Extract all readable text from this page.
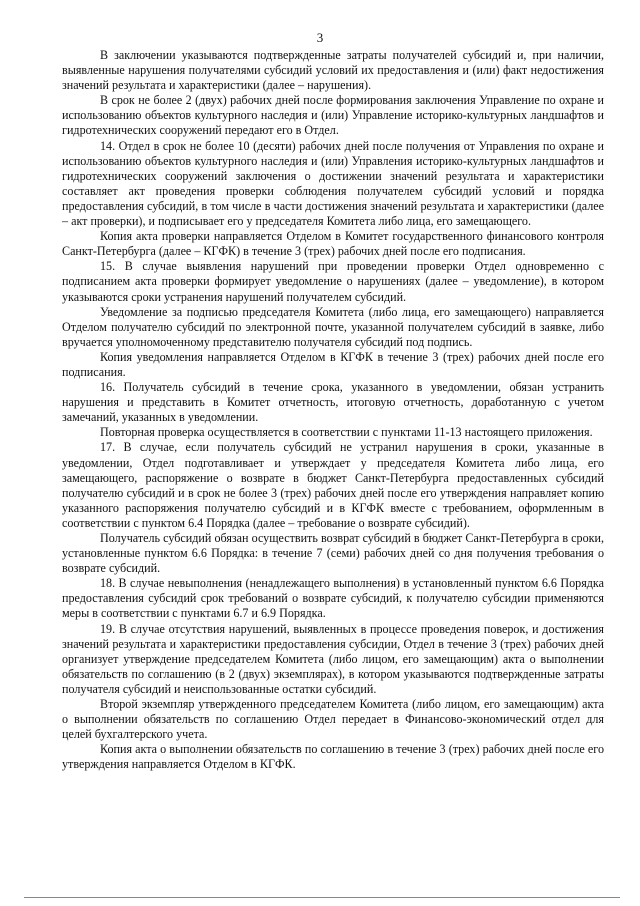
3

В заключении указываются подтвержденные затраты получателей субсидий и, при наличии, выявленные нарушения получателями субсидий условий их предоставления и (или) факт недостижения значений результата и характеристики (далее – нарушения).

В срок не более 2 (двух) рабочих дней после формирования заключения Управление по охране и использованию объектов культурного наследия и (или) Управление историко-культурных ландшафтов и гидротехнических сооружений передают его в Отдел.

14. Отдел в срок не более 10 (десяти) рабочих дней после получения от Управления по охране и использованию объектов культурного наследия и (или) Управления историко-культурных ландшафтов и гидротехнических сооружений заключения о достижении значений результата и характеристики составляет акт проведения проверки соблюдения получателем субсидий условий и порядка предоставления субсидий, в том числе в части достижения значений результата и характеристики (далее – акт проверки), и подписывает его у председателя Комитета либо лица, его замещающего.

Копия акта проверки направляется Отделом в Комитет государственного финансового контроля Санкт-Петербурга (далее – КГФК) в течение 3 (трех) рабочих дней после его подписания.

15. В случае выявления нарушений при проведении проверки Отдел одновременно с подписанием акта проверки формирует уведомление о нарушениях (далее – уведомление), в котором указываются сроки устранения нарушений получателем субсидий.

Уведомление за подписью председателя Комитета (либо лица, его замещающего) направляется Отделом получателю субсидий по электронной почте, указанной получателем субсидий в заявке, либо вручается уполномоченному представителю получателя субсидий под подпись.

Копия уведомления направляется Отделом в КГФК в течение 3 (трех) рабочих дней после его подписания.

16. Получатель субсидий в течение срока, указанного в уведомлении, обязан устранить нарушения и представить в Комитет отчетность, итоговую отчетность, доработанную с учетом замечаний, указанных в уведомлении.

Повторная проверка осуществляется в соответствии с пунктами 11-13 настоящего приложения.

17. В случае, если получатель субсидий не устранил нарушения в сроки, указанные в уведомлении, Отдел подготавливает и утверждает у председателя Комитета либо лица, его замещающего, распоряжение о возврате в бюджет Санкт-Петербурга предоставленных субсидий получателю субсидий и в срок не более 3 (трех) рабочих дней после его утверждения направляет копию указанного распоряжения получателю субсидий и в КГФК вместе с требованием, оформленным в соответствии с пунктом 6.4 Порядка (далее – требование о возврате субсидий).

Получатель субсидий обязан осуществить возврат субсидий в бюджет Санкт-Петербурга в сроки, установленные пунктом 6.6 Порядка: в течение 7 (семи) рабочих дней со дня получения требования о возврате субсидий.

18. В случае невыполнения (ненадлежащего выполнения) в установленный пунктом 6.6 Порядка предоставления субсидий срок требований о возврате субсидий, к получателю субсидии применяются меры в соответствии с пунктами 6.7 и 6.9 Порядка.

19. В случае отсутствия нарушений, выявленных в процессе проведения поверок, и достижения значений результата и характеристики предоставления субсидии, Отдел в течение 3 (трех) рабочих дней организует утверждение председателем Комитета (либо лицом, его замещающим) акта о выполнении обязательств по соглашению (в 2 (двух) экземплярах), в котором указываются подтвержденные затраты получателя субсидий и неиспользованные остатки субсидий.

Второй экземпляр утвержденного председателем Комитета (либо лицом, его замещающим) акта о выполнении обязательств по соглашению Отдел передает в Финансово-экономический отдел для целей бухгалтерского учета.

Копия акта о выполнении обязательств по соглашению в течение 3 (трех) рабочих дней после его утверждения направляется Отделом в КГФК.
